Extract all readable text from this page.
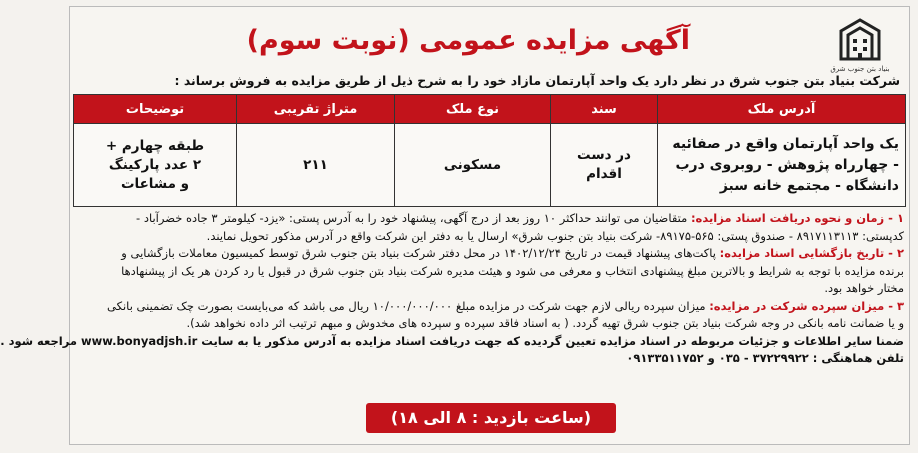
بنیاد بتن جنوب شرق
آگهی مزایده عمومی (نوبت سوم)
شرکت بنیاد بتن جنوب شرق در نظر دارد یک واحد آپارتمان مازاد خود را به شرح ذیل از طریق مزایده به فروش برساند :
آدرس ملک	سند	نوع ملک	متراژ تقریبی	توضیحات

یک واحد آپارتمان واقع در صفائیه
- چهارراه پژوهش - روبروی درب
دانشگاه - مجتمع خانه سبز	در دست
اقدام	مسکونی	۲۱۱	طبقه چهارم +
۲ عدد پارکینگ
و مشاعات
۱ - زمان و نحوه دریافت اسناد مزایده: متقاضیان می توانند حداکثر ۱۰ روز بعد از درج آگهی، پیشنهاد خود را به آدرس پستی: «یزد- کیلومتر ۳ جاده خضرآباد -
کدپستی: ۸۹۱۷۱۱۳۱۱۳ - صندوق پستی: ۵۶۵-۸۹۱۷۵- شرکت بنیاد بتن جنوب شرق» ارسال یا به دفتر این شرکت واقع در آدرس مذکور تحویل نمایند.
۲ - تاریخ بازگشایی اسناد مزایده: پاکت‌های پیشنهاد قیمت در تاریخ ۱۴۰۲/۱۲/۲۴ در محل دفتر شرکت بنیاد بتن جنوب شرق توسط کمیسیون معاملات بازگشایی و
برنده مزایده با توجه به شرایط و بالاترین مبلغ پیشنهادی انتخاب و معرفی می شود و هیئت مدیره شرکت بنیاد بتن جنوب شرق در قبول یا رد کردن هر یک از پیشنهادها
مختار خواهد بود.
۳ - میزان سپرده شرکت در مزایده: میزان سپرده ریالی لازم جهت شرکت در مزایده مبلغ ۱۰/۰۰۰/۰۰۰/۰۰۰ ریال می باشد که می‌بایست بصورت چک تضمینی بانکی
و یا ضمانت نامه بانکی در وجه شرکت بنیاد بتن جنوب شرق تهیه گردد. ( به اسناد فاقد سپرده و سپرده های مخدوش و مبهم ترتیب اثر داده نخواهد شد).
ضمنا سایر اطلاعات و جزئیات مربوطه در اسناد مزایده تعیین گردیده که جهت دریافت اسناد مزایده به آدرس مذکور یا به سایت www.bonyadjsh.ir مراجعه شود .
تلفن هماهنگی : ۳۷۲۲۹۹۲۲ - ۰۳۵ و ۰۹۱۳۳۵۱۱۷۵۲
(ساعت بازدید : ۸ الی ۱۸)
